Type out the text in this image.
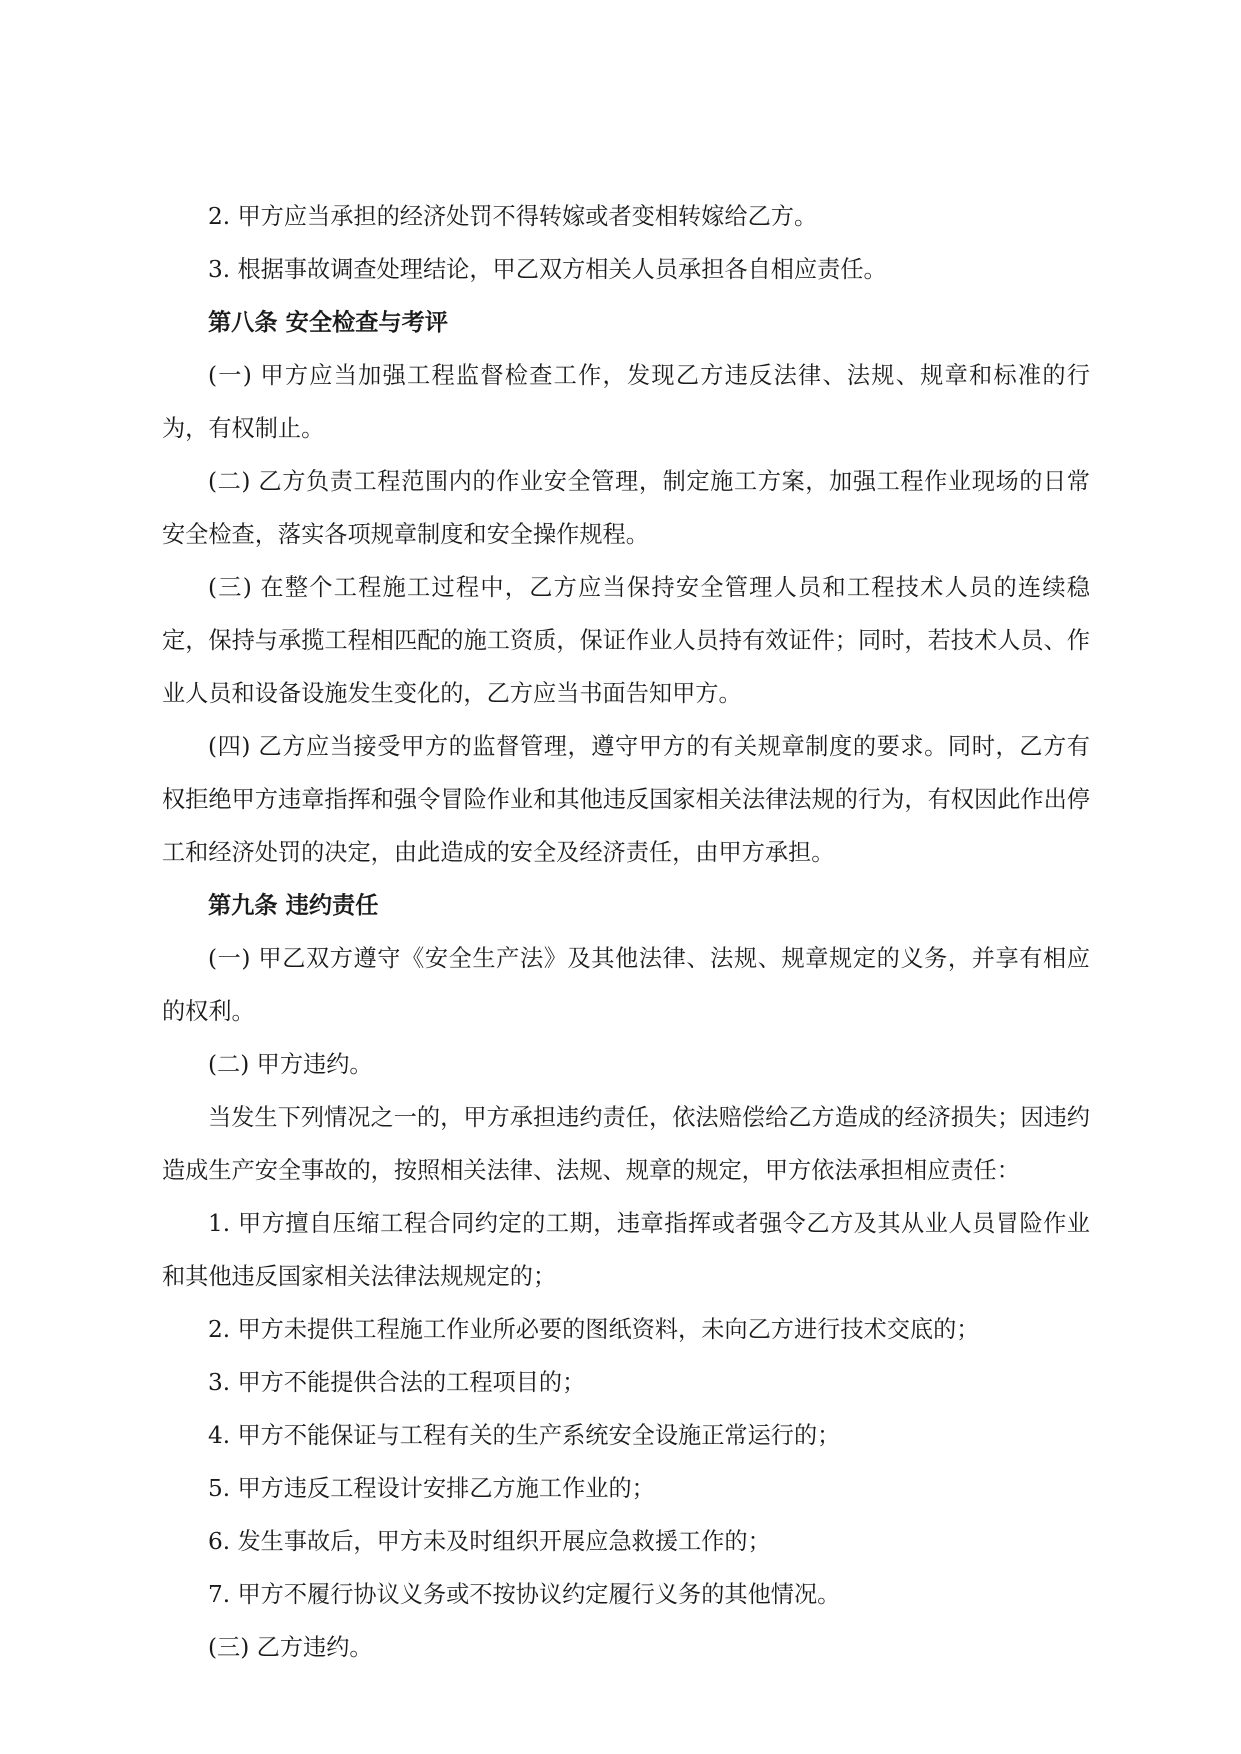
2. 甲方应当承担的经济处罚不得转嫁或者变相转嫁给乙方。

3. 根据事故调查处理结论，甲乙双方相关人员承担各自相应责任。

第八条 安全检查与考评

(一) 甲方应当加强工程监督检查工作，发现乙方违反法律、法规、规章和标准的行为，有权制止。

(二) 乙方负责工程范围内的作业安全管理，制定施工方案，加强工程作业现场的日常安全检查，落实各项规章制度和安全操作规程。

(三) 在整个工程施工过程中，乙方应当保持安全管理人员和工程技术人员的连续稳定，保持与承揽工程相匹配的施工资质，保证作业人员持有效证件；同时，若技术人员、作业人员和设备设施发生变化的，乙方应当书面告知甲方。

(四) 乙方应当接受甲方的监督管理，遵守甲方的有关规章制度的要求。同时，乙方有权拒绝甲方违章指挥和强令冒险作业和其他违反国家相关法律法规的行为，有权因此作出停工和经济处罚的决定，由此造成的安全及经济责任，由甲方承担。

第九条 违约责任

(一) 甲乙双方遵守《安全生产法》及其他法律、法规、规章规定的义务，并享有相应的权利。

(二) 甲方违约。

当发生下列情况之一的，甲方承担违约责任，依法赔偿给乙方造成的经济损失；因违约造成生产安全事故的，按照相关法律、法规、规章的规定，甲方依法承担相应责任：

1. 甲方擅自压缩工程合同约定的工期，违章指挥或者强令乙方及其从业人员冒险作业和其他违反国家相关法律法规规定的；

2. 甲方未提供工程施工作业所必要的图纸资料，未向乙方进行技术交底的；

3. 甲方不能提供合法的工程项目的；

4. 甲方不能保证与工程有关的生产系统安全设施正常运行的；

5. 甲方违反工程设计安排乙方施工作业的；

6. 发生事故后，甲方未及时组织开展应急救援工作的；

7. 甲方不履行协议义务或不按协议约定履行义务的其他情况。

(三) 乙方违约。
